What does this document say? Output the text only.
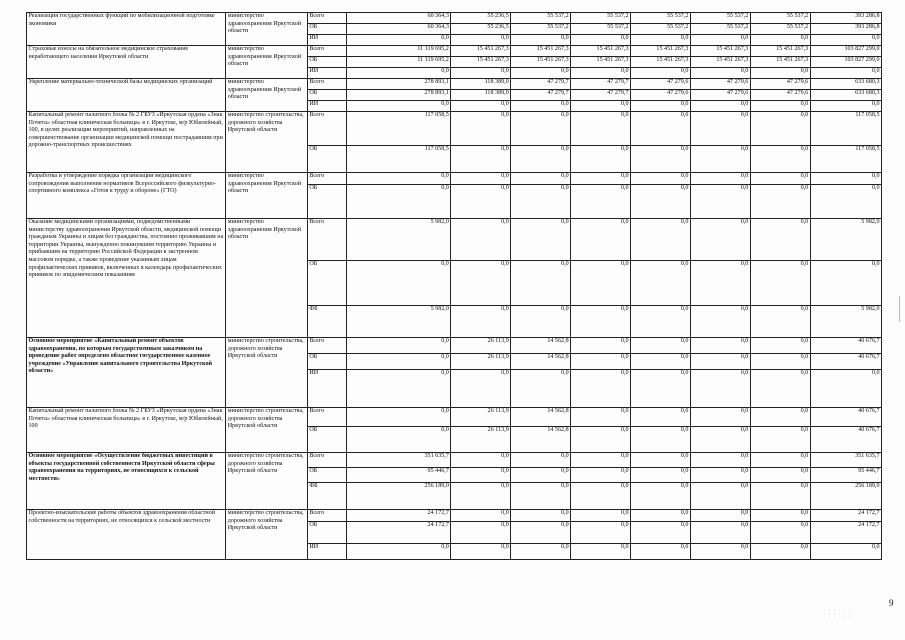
Реализация государственных функций по мобилизационной подготовке экономики	министерство здравоохранения Иркутской области	Всего	60 364,3	55 236,5	55 537,2	55 537,2	55 537,2	55 537,2	55 537,2	393 286,8
		ОБ	60 364,3	55 236,5	55 537,2	55 537,2	55 537,2	55 537,2	55 537,2	393 286,8
		ИИ	0,0	0,0	0,0	0,0	0,0	0,0	0,0	0,0
Страховые взносы на обязательное медицинское страхование неработающего населения Иркутской области	министерство здравоохранения Иркутской области	Всего	11 119 695,2	15 451 267,3	15 451 267,3	15 451 267,3	15 451 267,3	15 451 267,3	15 451 267,3	103 827 299,0
		ОБ	11 119 695,2	15 451 267,3	15 451 267,3	15 451 267,3	15 451 267,3	15 451 267,3	15 451 267,3	103 827 299,0
		ИИ	0,0	0,0	0,0	0,0	0,0	0,0	0,0	0,0
Укрепление материально-технической базы медицинских организаций	министерство здравоохранения Иркутской области	Всего	278 893,1	118 389,0	47 279,7	47 279,7	47 279,6	47 279,6	47 279,6	633 680,3
		ОБ	278 893,1	118 389,0	47 279,7	47 279,7	47 279,6	47 279,6	47 279,6	633 680,3
		ИИ	0,0	0,0	0,0	0,0	0,0	0,0	0,0	0,0
Капитальный ремонт палатного блока № 2 ГБУЗ «Иркутская ордена «Знак Почета» областная клиническая больница» в г. Иркутске, м/р Юбилейный, 100, в целях реализации мероприятий, направленных на совершенствование организации медицинской помощи пострадавшим при дорожно-транспортных происшествиях	министерство строительства, дорожного хозяйства Иркутской области	Всего	117 058,5	0,0	0,0	0,0	0,0	0,0	0,0	117 058,5
		ОБ	117 058,5	0,0	0,0	0,0	0,0	0,0	0,0	117 058,5
Разработка и утверждение порядка организации медицинского сопровождения выполнения нормативов Всероссийского физкультурно-спортивного комплекса «Готов к труду и обороне» (ГТО)	министерство здравоохранения Иркутской области	Всего	0,0	0,0	0,0	0,0	0,0	0,0	0,0	0,0
		ОБ	0,0	0,0	0,0	0,0	0,0	0,0	0,0	0,0
Оказание медицинскими организациями, подведомственными министерству здравоохранения Иркутской области, медицинской помощи гражданам Украины и лицам без гражданства, постоянно проживавшим на территории Украины, вынужденно покинувшим территорию Украины и прибывшим на территорию Российской Федерации в экстренном массовом порядке, а также проведение указанным лицам профилактических прививок, включенных в календарь профилактических прививок по эпидемическим показаниям	министерство здравоохранения Иркутской области	Всего	5 982,0	0,0	0,0	0,0	0,0	0,0	0,0	5 982,0
		ОБ	0,0	0,0	0,0	0,0	0,0	0,0	0,0	0,0
		ФБ	5 982,0	0,0	0,0	0,0	0,0	0,0	0,0	5 982,0
Основное мероприятие «Капитальный ремонт объектов здравоохранения, по которым государственным заказчиком на проведение работ определено областное государственное казенное учреждение «Управление капитального строительства Иркутской области»	министерство строительства, дорожного хозяйства Иркутской области	Всего	0,0	26 113,9	14 562,8	0,0	0,0	0,0	0,0	40 676,7
		ОБ	0,0	26 113,9	14 562,8	0,0	0,0	0,0	0,0	40 676,7
		ИИ	0,0	0,0	0,0	0,0	0,0	0,0	0,0	0,0
Капитальный ремонт палатного блока № 2 ГБУЗ «Иркутская ордена «Знак Почета» областная клиническая больница» в г. Иркутске, м/р Юбилейный, 100	министерство строительства, дорожного хозяйства Иркутской области	Всего	0,0	26 113,9	14 562,8	0,0	0,0	0,0	0,0	40 676,7
		ОБ	0,0	26 113,9	14 562,8	0,0	0,0	0,0	0,0	40 676,7
Основное мероприятие «Осуществление бюджетных инвестиций в объекты государственной собственности Иркутской области сферы здравоохранения на территориях, не относящихся к сельской местности»	министерство строительства, дорожного хозяйства Иркутской области	Всего	351 635,7	0,0	0,0	0,0	0,0	0,0	0,0	351 635,7
		ОБ	95 446,7	0,0	0,0	0,0	0,0	0,0	0,0	95 446,7
		ФБ	256 189,0	0,0	0,0	0,0	0,0	0,0	0,0	256 189,0
Проектно-изыскательские работы объектов здравоохранения областной собственности на территориях, не относящихся к сельской местности	министерство строительства, дорожного хозяйства Иркутской области	Всего	24 172,7	0,0	0,0	0,0	0,0	0,0	0,0	24 172,7
		ОБ	24 172,7	0,0	0,0	0,0	0,0	0,0	0,0	24 172,7
		ИИ	0,0	0,0	0,0	0,0	0,0	0,0	0,0	0,0
9
